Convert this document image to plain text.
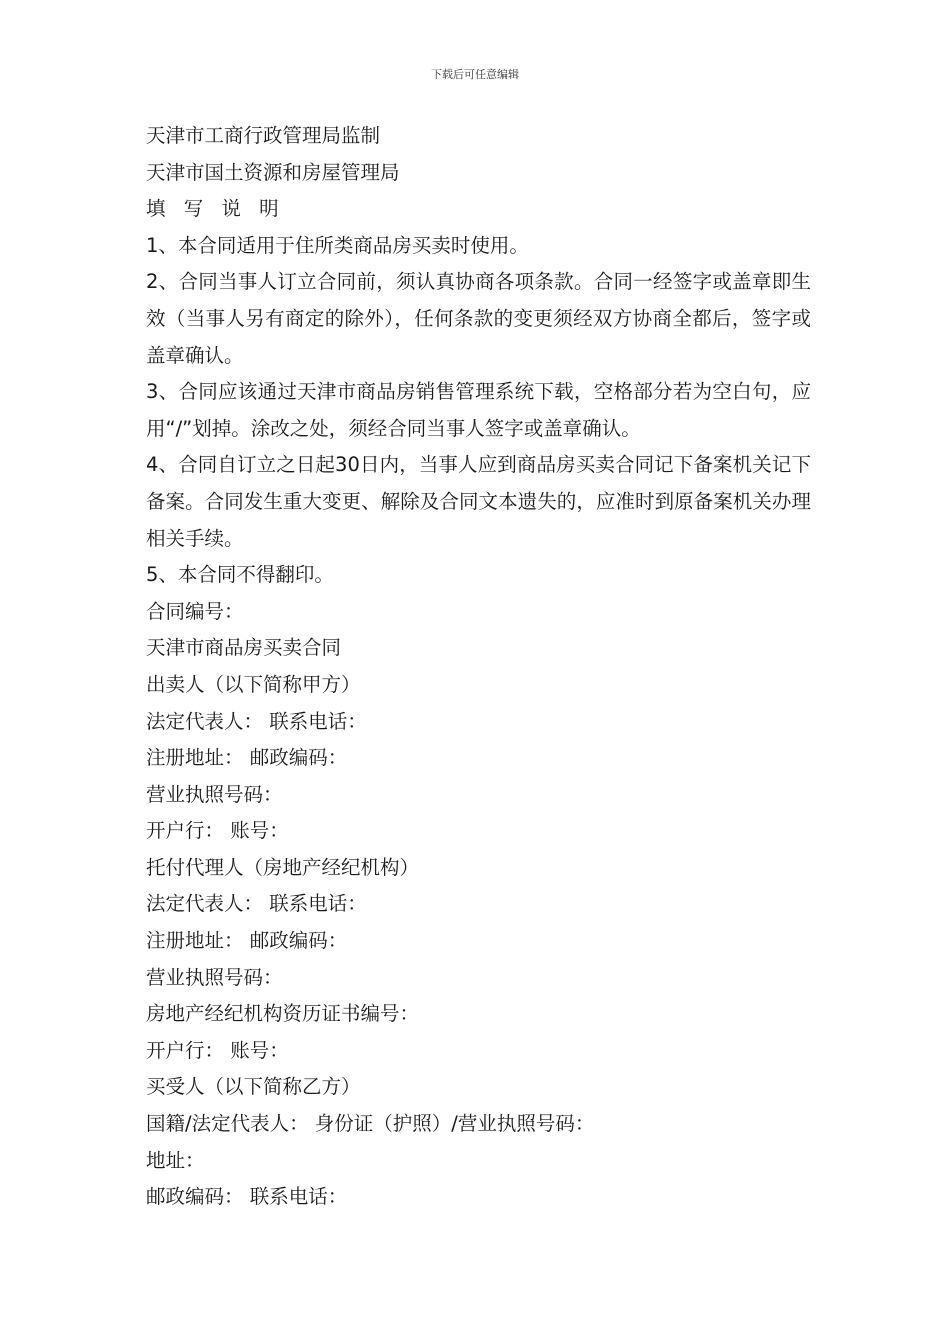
下载后可任意编辑

天津市工商行政管理局监制

天津市国土资源和房屋管理局

填 写 说 明

1、本合同适用于住所类商品房买卖时使用。

2、合同当事人订立合同前，须认真协商各项条款。合同一经签字或盖章即生效（当事人另有商定的除外），任何条款的变更须经双方协商全都后，签字或盖章确认。

3、合同应该通过天津市商品房销售管理系统下载，空格部分若为空白句，应用“/”划掉。涂改之处，须经合同当事人签字或盖章确认。

4、合同自订立之日起30日内，当事人应到商品房买卖合同记下备案机关记下备案。合同发生重大变更、解除及合同文本遗失的，应准时到原备案机关办理相关手续。

5、本合同不得翻印。

合同编号：

天津市商品房买卖合同

出卖人（以下简称甲方）

法定代表人： 联系电话：

注册地址： 邮政编码：

营业执照号码：

开户行： 账号：

托付代理人（房地产经纪机构）

法定代表人： 联系电话：

注册地址： 邮政编码：

营业执照号码：

房地产经纪机构资历证书编号：

开户行： 账号：

买受人（以下简称乙方）

国籍/法定代表人： 身份证（护照）/营业执照号码：

地址：

邮政编码： 联系电话：
